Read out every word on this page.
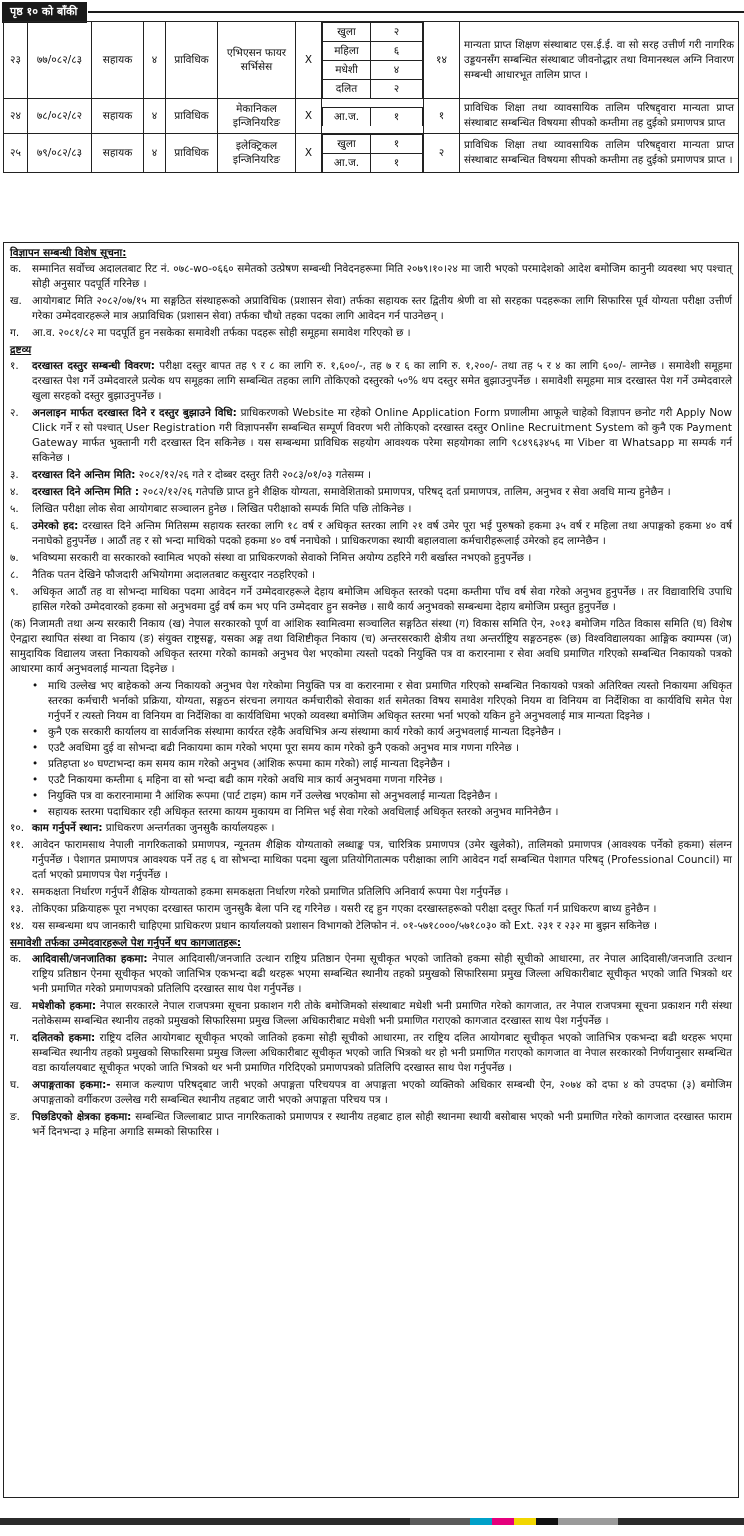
पृष्ठ १० को बाँकी
२३	७७/०८२/८३	सहायक	४	प्राविधिक	एभिएसन फायर सर्भिसेस	X	
खुला	२
महिला	६
मधेशी	४
दलित	२
	१४	मान्यता प्राप्त शिक्षण संस्थाबाट एस.ई.ई. वा सो सरह उत्तीर्ण गरी नागरिक उड्डयनसँग सम्बन्धित संस्थाबाट जीवनोद्धार तथा विमानस्थल अग्नि निवारण सम्बन्धी आधारभूत तालिम प्राप्त ।
२४	७८/०८२/८२	सहायक	४	प्राविधिक	मेकानिकल इन्जिनियरिङ	X	आ.ज.	१
		१	प्राविधिक शिक्षा तथा व्यावसायिक तालिम परिषद्द्वारा मान्यता प्राप्त संस्थाबाट सम्बन्धित विषयमा सीपको कम्तीमा तह दुईको प्रमाणपत्र प्राप्त
२५	७९/०८२/८३	सहायक	४	प्राविधिक	इलेक्ट्रिकल इन्जिनियरिङ	X	
खुला	१
आ.ज.	१
	२	प्राविधिक शिक्षा तथा व्यावसायिक तालिम परिषद्द्वारा मान्यता प्राप्त संस्थाबाट सम्बन्धित विषयमा सीपको कम्तीमा तह दुईको प्रमाणपत्र प्राप्त ।
विज्ञापन सम्बन्धी विशेष सूचना:
क.	सम्मानित सर्वोच्च अदालतबाट रिट नं. ०७८-wo-०६६० समेतको उत्प्रेषण सम्बन्धी निवेदनहरूमा मिति २०७९।१०।२४ मा जारी भएको परमादेशको आदेश बमोजिम कानुनी व्यवस्था भए पश्चात् सोही अनुसार पदपूर्ति गरिनेछ ।
ख. आयोगबाट मिति २०८२/०७/१५ मा सङ्गठित संस्थाहरूको अप्राविधिक (प्रशासन सेवा) तर्फका सहायक स्तर द्वितीय श्रेणी वा सो सरहका पदहरूका लागि सिफारिस पूर्व योग्यता परीक्षा उत्तीर्ण गरेका उम्मेदवारहरूले मात्र अप्राविधिक (प्रशासन सेवा) तर्फका चौथो तहका पदका लागि आवेदन गर्न पाउनेछन् ।
ग.	आ.व. २०८१/८२ मा पदपूर्ति हुन नसकेका समावेशी तर्फका पदहरू सोही समूहमा समावेश गरिएको छ ।
द्रष्टव्य
१.	दरखास्त दस्तुर सम्बन्धी विवरण: परीक्षा दस्तुर बापत तह ९ र ८ का लागि रु. १,६००/-, तह ७ र ६ का लागि रु. १,२००/- तथा तह ५ र ४ का लागि ६००/- लाग्नेछ । समावेशी समूहमा दरखास्त पेश गर्ने उम्मेदवारले प्रत्येक थप समूहका लागि सम्बन्धित तहका लागि तोकिएको दस्तुरको ५०% थप दस्तुर समेत बुझाउनुपर्नेछ । समावेशी समूहमा मात्र दरखास्त पेश गर्ने उम्मेदवारले खुला सरहको दस्तुर बुझाउनुपर्नेछ ।
२.	अनलाइन मार्फत दरखास्त दिने र दस्तुर बुझाउने विधि: प्राधिकरणको Website मा रहेको Online Application Form प्रणालीमा आफूले चाहेको विज्ञापन छनोट गरी Apply Now Click गर्ने र सो पश्चात् User Registration गरी विज्ञापनसँग सम्बन्धित सम्पूर्ण विवरण भरी तोकिएको दरखास्त दस्तुर Online Recruitment System को कुनै एक Payment Gateway मार्फत भुक्तानी गरी दरखास्त दिन सकिनेछ । यस सम्बन्धमा प्राविधिक सहयोग आवश्यक परेमा सहयोगका लागि ९८४९६३४५६ मा Viber वा Whatsapp मा सम्पर्क गर्न सकिनेछ ।
३.	दरखास्त दिने अन्तिम मिति: २०८२/१२/२६ गते र दोब्बर दस्तुर तिरी २०८३/०१/०३ गतेसम्म ।
४.	दरखास्त दिने अन्तिम मिति : २०८२/१२/२६ गतेपछि प्राप्त हुने शैक्षिक योग्यता, समावेशिताको प्रमाणपत्र, परिषद् दर्ता प्रमाणपत्र, तालिम, अनुभव र सेवा अवधि मान्य हुनेछैन ।
५.	लिखित परीक्षा लोक सेवा आयोगबाट सञ्चालन हुनेछ । लिखित परीक्षाको सम्पर्क मिति पछि तोकिनेछ ।
६.	उमेरको हद: दरखास्त दिने अन्तिम मितिसम्म सहायक स्तरका लागि १८ वर्ष र अधिकृत स्तरका लागि २१ वर्ष उमेर पूरा भई पुरुषको हकमा ३५ वर्ष र महिला तथा अपाङ्गको हकमा ४० वर्ष ननाघेको हुनुपर्नेछ । आठौं तह र सो भन्दा माथिको पदको हकमा ४० वर्ष ननाघेको । प्राधिकरणका स्थायी बहालवाला कर्मचारीहरूलाई उमेरको हद लाग्नेछैन ।
७.	भविष्यमा सरकारी वा सरकारको स्वामित्व भएको संस्था वा प्राधिकरणको सेवाको निमित्त अयोग्य ठहरिने गरी बर्खास्त नभएको हुनुपर्नेछ ।
८.	नैतिक पतन देखिने फौजदारी अभियोगमा अदालतबाट कसुरदार नठहरिएको ।
९.	अधिकृत आठौं तह वा सोभन्दा माथिका पदमा आवेदन गर्ने उम्मेदवारहरूले देहाय बमोजिम अधिकृत स्तरको पदमा कम्तीमा पाँच वर्ष सेवा गरेको अनुभव हुनुपर्नेछ । तर विद्यावारिधि उपाधि हासिल गरेको उम्मेदवारको हकमा सो अनुभवमा दुई वर्ष कम भए पनि उम्मेदवार हुन सक्नेछ । साथै कार्य अनुभवको सम्बन्धमा देहाय बमोजिम प्रस्तुत हुनुपर्नेछ ।
(क) निजामती तथा अन्य सरकारी निकाय (ख) नेपाल सरकारको पूर्ण वा आंशिक स्वामित्वमा सञ्चालित सङ्गठित संस्था (ग) विकास समिति ऐन, २०१३ बमोजिम गठित विकास समिति (घ) विशेष ऐनद्वारा स्थापित संस्था वा निकाय (ङ) संयुक्त राष्ट्रसङ्घ, यसका अङ्ग तथा विशिष्टीकृत निकाय (च) अन्तरसरकारी क्षेत्रीय तथा अन्तर्राष्ट्रिय सङ्गठनहरू (छ) विश्वविद्यालयका आङ्गिक क्याम्पस (ज) सामुदायिक विद्यालय जस्ता निकायको अधिकृत स्तरमा गरेको कामको अनुभव पेश भएकोमा त्यस्तो पदको नियुक्ति पत्र वा करारनामा र सेवा अवधि प्रमाणित गरिएको सम्बन्धित निकायको पत्रको आधारमा कार्य अनुभवलाई मान्यता दिइनेछ ।
• माथि उल्लेख भए बाहेकको अन्य निकायको अनुभव पेश गरेकोमा नियुक्ति पत्र वा करारनामा र सेवा प्रमाणित गरिएको सम्बन्धित निकायको पत्रको अतिरिक्त त्यस्तो निकायमा अधिकृत स्तरका कर्मचारी भर्नाको प्रक्रिया, योग्यता, सङ्गठन संरचना लगायत कर्मचारीको सेवाका शर्त समेतका विषय समावेश गरिएको नियम वा विनियम वा निर्देशिका वा कार्यविधि समेत पेश गर्नुपर्ने र त्यस्तो नियम वा विनियम वा निर्देशिका वा कार्यविधिमा भएको व्यवस्था बमोजिम अधिकृत स्तरमा भर्ना भएको यकिन हुने अनुभवलाई मात्र मान्यता दिइनेछ ।
• कुनै एक सरकारी कार्यालय वा सार्वजनिक संस्थामा कार्यरत रहेकै अवधिभित्र अन्य संस्थामा कार्य गरेको कार्य अनुभवलाई मान्यता दिइनेछैन ।
• एउटै अवधिमा दुई वा सोभन्दा बढी निकायमा काम गरेको भएमा पूरा समय काम गरेको कुनै एकको अनुभव मात्र गणना गरिनेछ ।
• प्रतिहप्ता ४० घण्टाभन्दा कम समय काम गरेको अनुभव (आंशिक रूपमा काम गरेको) लाई मान्यता दिइनेछैन ।
• एउटै निकायमा कम्तीमा ६ महिना वा सो भन्दा बढी काम गरेको अवधि मात्र कार्य अनुभवमा गणना गरिनेछ ।
• नियुक्ति पत्र वा करारनामामा नै आंशिक रूपमा (पार्ट टाइम) काम गर्ने उल्लेख भएकोमा सो अनुभवलाई मान्यता दिइनेछैन ।
• सहायक स्तरमा पदाधिकार रही अधिकृत स्तरमा कायम मुकायम वा निमित्त भई सेवा गरेको अवधिलाई अधिकृत स्तरको अनुभव मानिनेछैन ।
१०. काम गर्नुपर्ने स्थान: प्राधिकरण अन्तर्गतका जुनसुकै कार्यालयहरू ।
११. आवेदन फारामसाथ नेपाली नागरिकताको प्रमाणपत्र, न्यूनतम शैक्षिक योग्यताको लब्धाङ्क पत्र, चारित्रिक प्रमाणपत्र (उमेर खुलेको), तालिमको प्रमाणपत्र (आवश्यक पर्नेको हकमा) संलग्न गर्नुपर्नेछ । पेशागत प्रमाणपत्र आवश्यक पर्ने तह ६ वा सोभन्दा माथिका पदमा खुला प्रतियोगितात्मक परीक्षाका लागि आवेदन गर्दा सम्बन्धित पेशागत परिषद् (Professional Council) मा दर्ता भएको प्रमाणपत्र पेश गर्नुपर्नेछ ।
१२. समकक्षता निर्धारण गर्नुपर्ने शैक्षिक योग्यताको हकमा समकक्षता निर्धारण गरेको प्रमाणित प्रतिलिपि अनिवार्य रूपमा पेश गर्नुपर्नेछ ।
१३. तोकिएका प्रक्रियाहरू पूरा नभएका दरखास्त फाराम जुनसुकै बेला पनि रद्द गरिनेछ । यसरी रद्द हुन गएका दरखास्तहरूको परीक्षा दस्तुर फिर्ता गर्न प्राधिकरण बाध्य हुनेछैन ।
१४. यस सम्बन्धमा थप जानकारी चाहिएमा प्राधिकरण प्रधान कार्यालयको प्रशासन विभागको टेलिफोन नं. ०१-५७१८०००/५७१८०३० को Ext. २३१ र २३२ मा बुझन सकिनेछ ।
समावेशी तर्फका उम्मेदवारहरूले पेश गर्नुपर्ने थप कागजातहरू:
क.	आदिवासी/जनजातिका हकमा: नेपाल आदिवासी/जनजाति उत्थान राष्ट्रिय प्रतिष्ठान ऐनमा सूचीकृत भएको जातिको हकमा सोही सूचीको आधारमा, तर नेपाल आदिवासी/जनजाति उत्थान राष्ट्रिय प्रतिष्ठान ऐनमा सूचीकृत भएको जातिभित्र एकभन्दा बढी थरहरू भएमा सम्बन्धित स्थानीय तहको प्रमुखको सिफारिसमा प्रमुख जिल्ला अधिकारीबाट सूचीकृत भएको जाति भित्रको थर भनी प्रमाणित गरेको प्रमाणपत्रको प्रतिलिपि दरखास्त साथ पेश गर्नुपर्नेछ ।
ख. मधेशीको हकमा: नेपाल सरकारले नेपाल राजपत्रमा सूचना प्रकाशन गरी तोके बमोजिमको संस्थाबाट मधेशी भनी प्रमाणित गरेको कागजात, तर नेपाल राजपत्रमा सूचना प्रकाशन गरी संस्था नतोकेसम्म सम्बन्धित स्थानीय तहको प्रमुखको सिफारिसमा प्रमुख जिल्ला अधिकारीबाट मधेशी भनी प्रमाणित गराएको कागजात दरखास्त साथ पेश गर्नुपर्नेछ ।
ग.	दलितको हकमा: राष्ट्रिय दलित आयोगबाट सूचीकृत भएको जातिको हकमा सोही सूचीको आधारमा, तर राष्ट्रिय दलित आयोगबाट सूचीकृत भएको जातिभित्र एकभन्दा बढी थरहरू भएमा सम्बन्धित स्थानीय तहको प्रमुखको सिफारिसमा प्रमुख जिल्ला अधिकारीबाट सूचीकृत भएको जाति भित्रको थर हो भनी प्रमाणित गराएको कागजात वा नेपाल सरकारको निर्णयानुसार सम्बन्धित वडा कार्यालयबाट सूचीकृत भएको जाति भित्रको थर भनी प्रमाणित गरिदिएको प्रमाणपत्रको प्रतिलिपि दरखास्त साथ पेश गर्नुपर्नेछ ।
घ.	अपाङ्गताका हकमा:- समाज कल्याण परिषद्‌बाट जारी भएको अपाङ्गता परिचयपत्र वा अपाङ्गता भएको व्यक्तिको अधिकार सम्बन्धी ऐन, २०७४ को दफा ४ को उपदफा (३) बमोजिम अपाङ्गताको वर्गीकरण उल्लेख गरी सम्बन्धित स्थानीय तहबाट जारी भएको अपाङ्गता परिचय पत्र ।
ङ.	पिछडिएको क्षेत्रका हकमा: सम्बन्धित जिल्लाबाट प्राप्त नागरिकताको प्रमाणपत्र र स्थानीय तहबाट हाल सोही स्थानमा स्थायी बसोबास भएको भनी प्रमाणित गरेको कागजात दरखास्त फाराम भर्ने दिनभन्दा ३ महिना अगाडि सम्मको सिफारिस ।
